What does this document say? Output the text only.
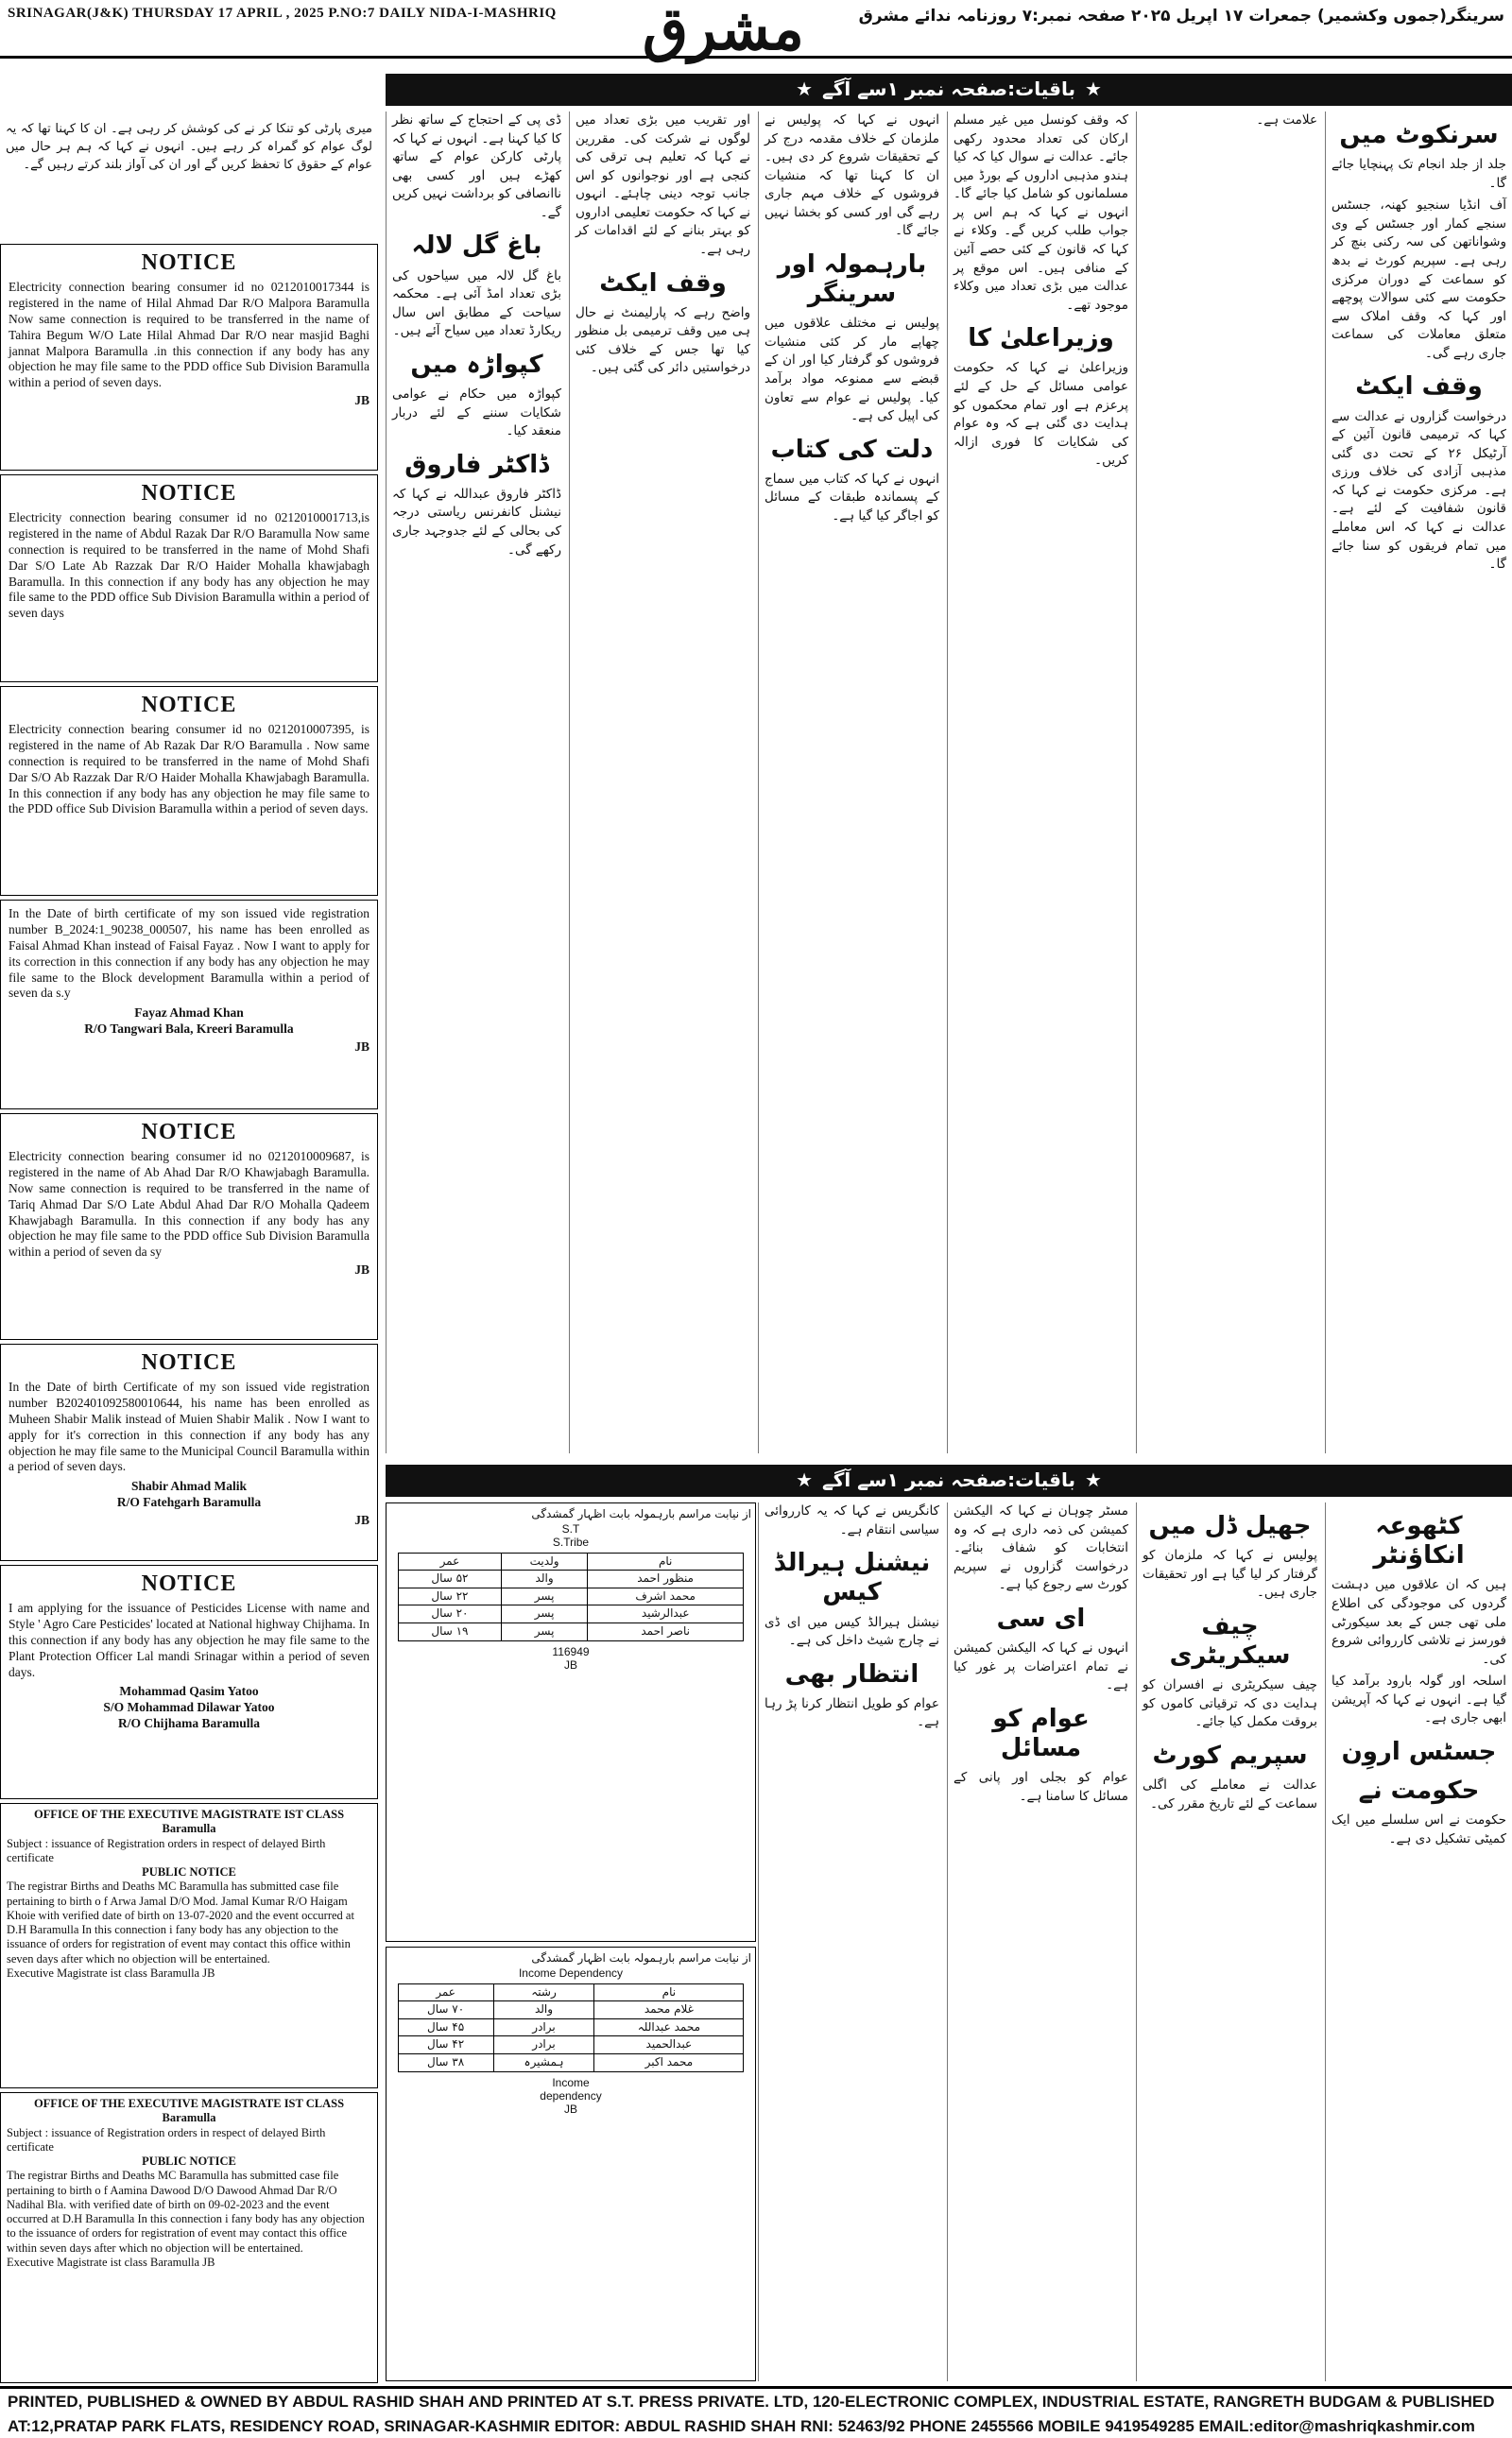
SRINAGAR(J&K) THURSDAY 17 APRIL , 2025 P.NO:7 DAILY NIDA-I-MASHRIQ مشرق	سرینگر(جموں وکشمیر) جمعرات ۱۷ اپریل ۲۰۲۵ صفحہ نمبر:۷ روزنامہ ندائے مشرق
★باقیات:صفحہ نمبر ۱سے آگے★
میری پارٹی کو تنکا کر نے کی کوشش کر رہی ہے۔ ان کا کہنا تھا کہ یہ لوگ عوام کو گمراہ کر رہے ہیں۔ انہوں نے کہا کہ ہم ہر حال میں عوام کے حقوق کا تحفظ کریں گے اور ان کی آواز بلند کرتے رہیں گے۔
NOTICE

Electricity connection bearing consumer id no 0212010017344 is registered in the name of Hilal Ahmad Dar R/O Malpora Baramulla Now same connection is required to be transferred in the name of Tahira Begum W/O Late Hilal Ahmad Dar R/O near masjid Baghi jannat Malpora Baramulla .in this connection if any body has any objection he may file same to the PDD office Sub Division Baramulla within a period of seven days.

JB
NOTICE

Electricity connection bearing consumer id no 0212010001713,is registered in the name of Abdul Razak Dar R/O Baramulla Now same connection is required to be transferred in the name of Mohd Shafi Dar S/O Late Ab Razzak Dar R/O Haider Mohalla khawjabagh Baramulla. In this connection if any body has any objection he may file same to the PDD office Sub Division Baramulla within a period of seven days

NOTICE

Electricity connection bearing consumer id no 0212010007395, is registered in the name of Ab Razak Dar R/O Baramulla . Now same connection is required to be transferred in the name of Mohd Shafi Dar S/O Ab Razzak Dar R/O Haider Mohalla Khawjabagh Baramulla. In this connection if any body has any objection he may file same to the PDD office Sub Division Baramulla within a period of seven days.

In the Date of birth certificate of my son issued vide registration number B_2024:1_90238_000507, his name has been enrolled as Faisal Ahmad Khan instead of Faisal Fayaz . Now I want to apply for its correction in this connection if any body has any objection he may file same to the Block development Baramulla within a period of seven da s.y

Fayaz Ahmad Khan
R/O Tangwari Bala, Kreeri Baramulla
JB
NOTICE

Electricity connection bearing consumer id no 0212010009687, is registered in the name of Ab Ahad Dar R/O Khawjabagh Baramulla. Now same connection is required to be transferred in the name of Tariq Ahmad Dar S/O Late Abdul Ahad Dar R/O Mohalla Qadeem Khawjabagh Baramulla. In this connection if any body has any objection he may file same to the PDD office Sub Division Baramulla within a period of seven da sy

JB
NOTICE

In the Date of birth Certificate of my son issued vide registration number B202401092580010644, his name has been enrolled as Muheen Shabir Malik instead of Muien Shabir Malik . Now I want to apply for it's correction in this connection if any body has any objection he may file same to the Municipal Council Baramulla within a period of seven days.

Shabir Ahmad Malik
R/O Fatehgarh Baramulla
JB
NOTICE

I am applying for the issuance of Pesticides License with name and Style ' Agro Care Pesticides' located at National highway Chijhama. In this connection if any body has any objection he may file same to the Plant Protection Officer Lal mandi Srinagar within a period of seven days.

Mohammad Qasim Yatoo
S/O Mohammad Dilawar Yatoo
R/O Chijhama Baramulla
OFFICE OF THE EXECUTIVE MAGISTRATE IST CLASS Baramulla

Subject : issuance of Registration orders in respect of delayed Birth certificate

PUBLIC NOTICE

The registrar Births and Deaths MC Baramulla has submitted case file pertaining to birth o f Arwa Jamal D/O Mod. Jamal Kumar R/O Haigam Khoie with verified date of birth on 13-07-2020 and the event occurred at D.H Baramulla In this connection i fany body has any objection to the issuance of orders for registration of event may contact this office within seven days after which no objection will be entertained.

Executive Magistrate ist class Baramulla JB

OFFICE OF THE EXECUTIVE MAGISTRATE IST CLASS Baramulla

Subject : issuance of Registration orders in respect of delayed Birth certificate

PUBLIC NOTICE

The registrar Births and Deaths MC Baramulla has submitted case file pertaining to birth o f Aamina Dawood D/O Dawood Ahmad Dar R/O Nadihal Bla. with verified date of birth on 09-02-2023 and the event occurred at D.H Baramulla In this connection i fany body has any objection to the issuance of orders for registration of event may contact this office within seven days after which no objection will be entertained.

Executive Magistrate ist class Baramulla JB

سرنکوٹ میں

جلد از جلد انجام تک پہنچایا جائے گا۔

آف انڈیا سنجیو کھنہ، جسٹس سنجے کمار اور جسٹس کے وی وشواناتھن کی سہ رکنی بنچ کر رہی ہے۔ سپریم کورٹ نے بدھ کو سماعت کے دوران مرکزی حکومت سے کئی سوالات پوچھے اور کہا کہ وقف املاک سے متعلق معاملات کی سماعت جاری رہے گی۔

وقف ایکٹ

درخواست گزاروں نے عدالت سے کہا کہ ترمیمی قانون آئین کے آرٹیکل ۲۶ کے تحت دی گئی مذہبی آزادی کی خلاف ورزی ہے۔ مرکزی حکومت نے کہا کہ قانون شفافیت کے لئے ہے۔ عدالت نے کہا کہ اس معاملے میں تمام فریقوں کو سنا جائے گا۔

علامت ہے۔

کہ وقف کونسل میں غیر مسلم ارکان کی تعداد محدود رکھی جائے۔ عدالت نے سوال کیا کہ کیا ہندو مذہبی اداروں کے بورڈ میں مسلمانوں کو شامل کیا جائے گا۔ انہوں نے کہا کہ ہم اس پر جواب طلب کریں گے۔ وکلاء نے کہا کہ قانون کے کئی حصے آئین کے منافی ہیں۔ اس موقع پر عدالت میں بڑی تعداد میں وکلاء موجود تھے۔

وزیراعلیٰ کا

وزیراعلیٰ نے کہا کہ حکومت عوامی مسائل کے حل کے لئے پرعزم ہے اور تمام محکموں کو ہدایت دی گئی ہے کہ وہ عوام کی شکایات کا فوری ازالہ کریں۔

انہوں نے کہا کہ پولیس نے ملزمان کے خلاف مقدمہ درج کر کے تحقیقات شروع کر دی ہیں۔ ان کا کہنا تھا کہ منشیات فروشوں کے خلاف مہم جاری رہے گی اور کسی کو بخشا نہیں جائے گا۔

بارہمولہ اور سرینگر

پولیس نے مختلف علاقوں میں چھاپے مار کر کئی منشیات فروشوں کو گرفتار کیا اور ان کے قبضے سے ممنوعہ مواد برآمد کیا۔ پولیس نے عوام سے تعاون کی اپیل کی ہے۔

دلت کی کتاب

انہوں نے کہا کہ کتاب میں سماج کے پسماندہ طبقات کے مسائل کو اجاگر کیا گیا ہے۔

اور تقریب میں بڑی تعداد میں لوگوں نے شرکت کی۔ مقررین نے کہا کہ تعلیم ہی ترقی کی کنجی ہے اور نوجوانوں کو اس جانب توجہ دینی چاہئے۔ انہوں نے کہا کہ حکومت تعلیمی اداروں کو بہتر بنانے کے لئے اقدامات کر رہی ہے۔

وقف ایکٹ

واضح رہے کہ پارلیمنٹ نے حال ہی میں وقف ترمیمی بل منظور کیا تھا جس کے خلاف کئی درخواستیں دائر کی گئی ہیں۔

ڈی پی کے احتجاج کے ساتھ نظر کا کیا کہنا ہے۔ انہوں نے کہا کہ پارٹی کارکن عوام کے ساتھ کھڑے ہیں اور کسی بھی ناانصافی کو برداشت نہیں کریں گے۔

باغ گل لالہ

باغ گل لالہ میں سیاحوں کی بڑی تعداد امڈ آئی ہے۔ محکمہ سیاحت کے مطابق اس سال ریکارڈ تعداد میں سیاح آئے ہیں۔

کپواڑہ میں

کپواڑہ میں حکام نے عوامی شکایات سننے کے لئے دربار منعقد کیا۔

ڈاکٹر فاروق

ڈاکٹر فاروق عبداللہ نے کہا کہ نیشنل کانفرنس ریاستی درجہ کی بحالی کے لئے جدوجہد جاری رکھے گی۔

★باقیات:صفحہ نمبر ۱سے آگے★
کٹھوعہ انکاؤنٹر

ہیں کہ ان علاقوں میں دہشت گردوں کی موجودگی کی اطلاع ملی تھی جس کے بعد سیکورٹی فورسز نے تلاشی کارروائی شروع کی۔

اسلحہ اور گولہ بارود برآمد کیا گیا ہے۔ انہوں نے کہا کہ آپریشن ابھی جاری ہے۔

جسٹس اروِن
حکومت نے

حکومت نے اس سلسلے میں ایک کمیٹی تشکیل دی ہے۔

جھیل ڈل میں

پولیس نے کہا کہ ملزمان کو گرفتار کر لیا گیا ہے اور تحقیقات جاری ہیں۔

چیف سیکریٹری

چیف سیکریٹری نے افسران کو ہدایت دی کہ ترقیاتی کاموں کو بروقت مکمل کیا جائے۔

سپریم کورٹ

عدالت نے معاملے کی اگلی سماعت کے لئے تاریخ مقرر کی۔

مسٹر چوہان نے کہا کہ الیکشن کمیشن کی ذمہ داری ہے کہ وہ انتخابات کو شفاف بنائے۔ درخواست گزاروں نے سپریم کورٹ سے رجوع کیا ہے۔

ای سی

انہوں نے کہا کہ الیکشن کمیشن نے تمام اعتراضات پر غور کیا ہے۔

عوام کو مسائل

عوام کو بجلی اور پانی کے مسائل کا سامنا ہے۔

کانگریس نے کہا کہ یہ کارروائی سیاسی انتقام ہے۔

نیشنل ہیرالڈ کیس

نیشنل ہیرالڈ کیس میں ای ڈی نے چارج شیٹ داخل کی ہے۔

انتظار بھی

عوام کو طویل انتظار کرنا پڑ رہا ہے۔

از نیابت مراسم بارہمولہ بابت اظہار گمشدگی

S.T
S.Tribe
نام	ولدیت	عمر
منظور احمد	والد	۵۲ سال
محمد اشرف	پسر	۲۲ سال
عبدالرشید	پسر	۲۰ سال
ناصر احمد	پسر	۱۹ سال
116949
JB

از نیابت مراسم بارہمولہ بابت اظہار گمشدگی

Income Dependency
نام	رشتہ	عمر
غلام محمد	والد	۷۰ سال
محمد عبداللہ	برادر	۴۵ سال
عبدالحمید	برادر	۴۲ سال
محمد اکبر	ہمشیرہ	۳۸ سال
Income
dependency
JB
PRINTED, PUBLISHED & OWNED BY ABDUL RASHID SHAH AND PRINTED AT S.T. PRESS PRIVATE. LTD, 120-ELECTRONIC COMPLEX, INDUSTRIAL ESTATE, RANGRETH BUDGAM & PUBLISHED
AT:12,PRATAP PARK FLATS, RESIDENCY ROAD, SRINAGAR-KASHMIR EDITOR: ABDUL RASHID SHAH RNI: 52463/92 PHONE 2455566 MOBILE 9419549285 EMAIL:editor@mashriqkashmir.com
